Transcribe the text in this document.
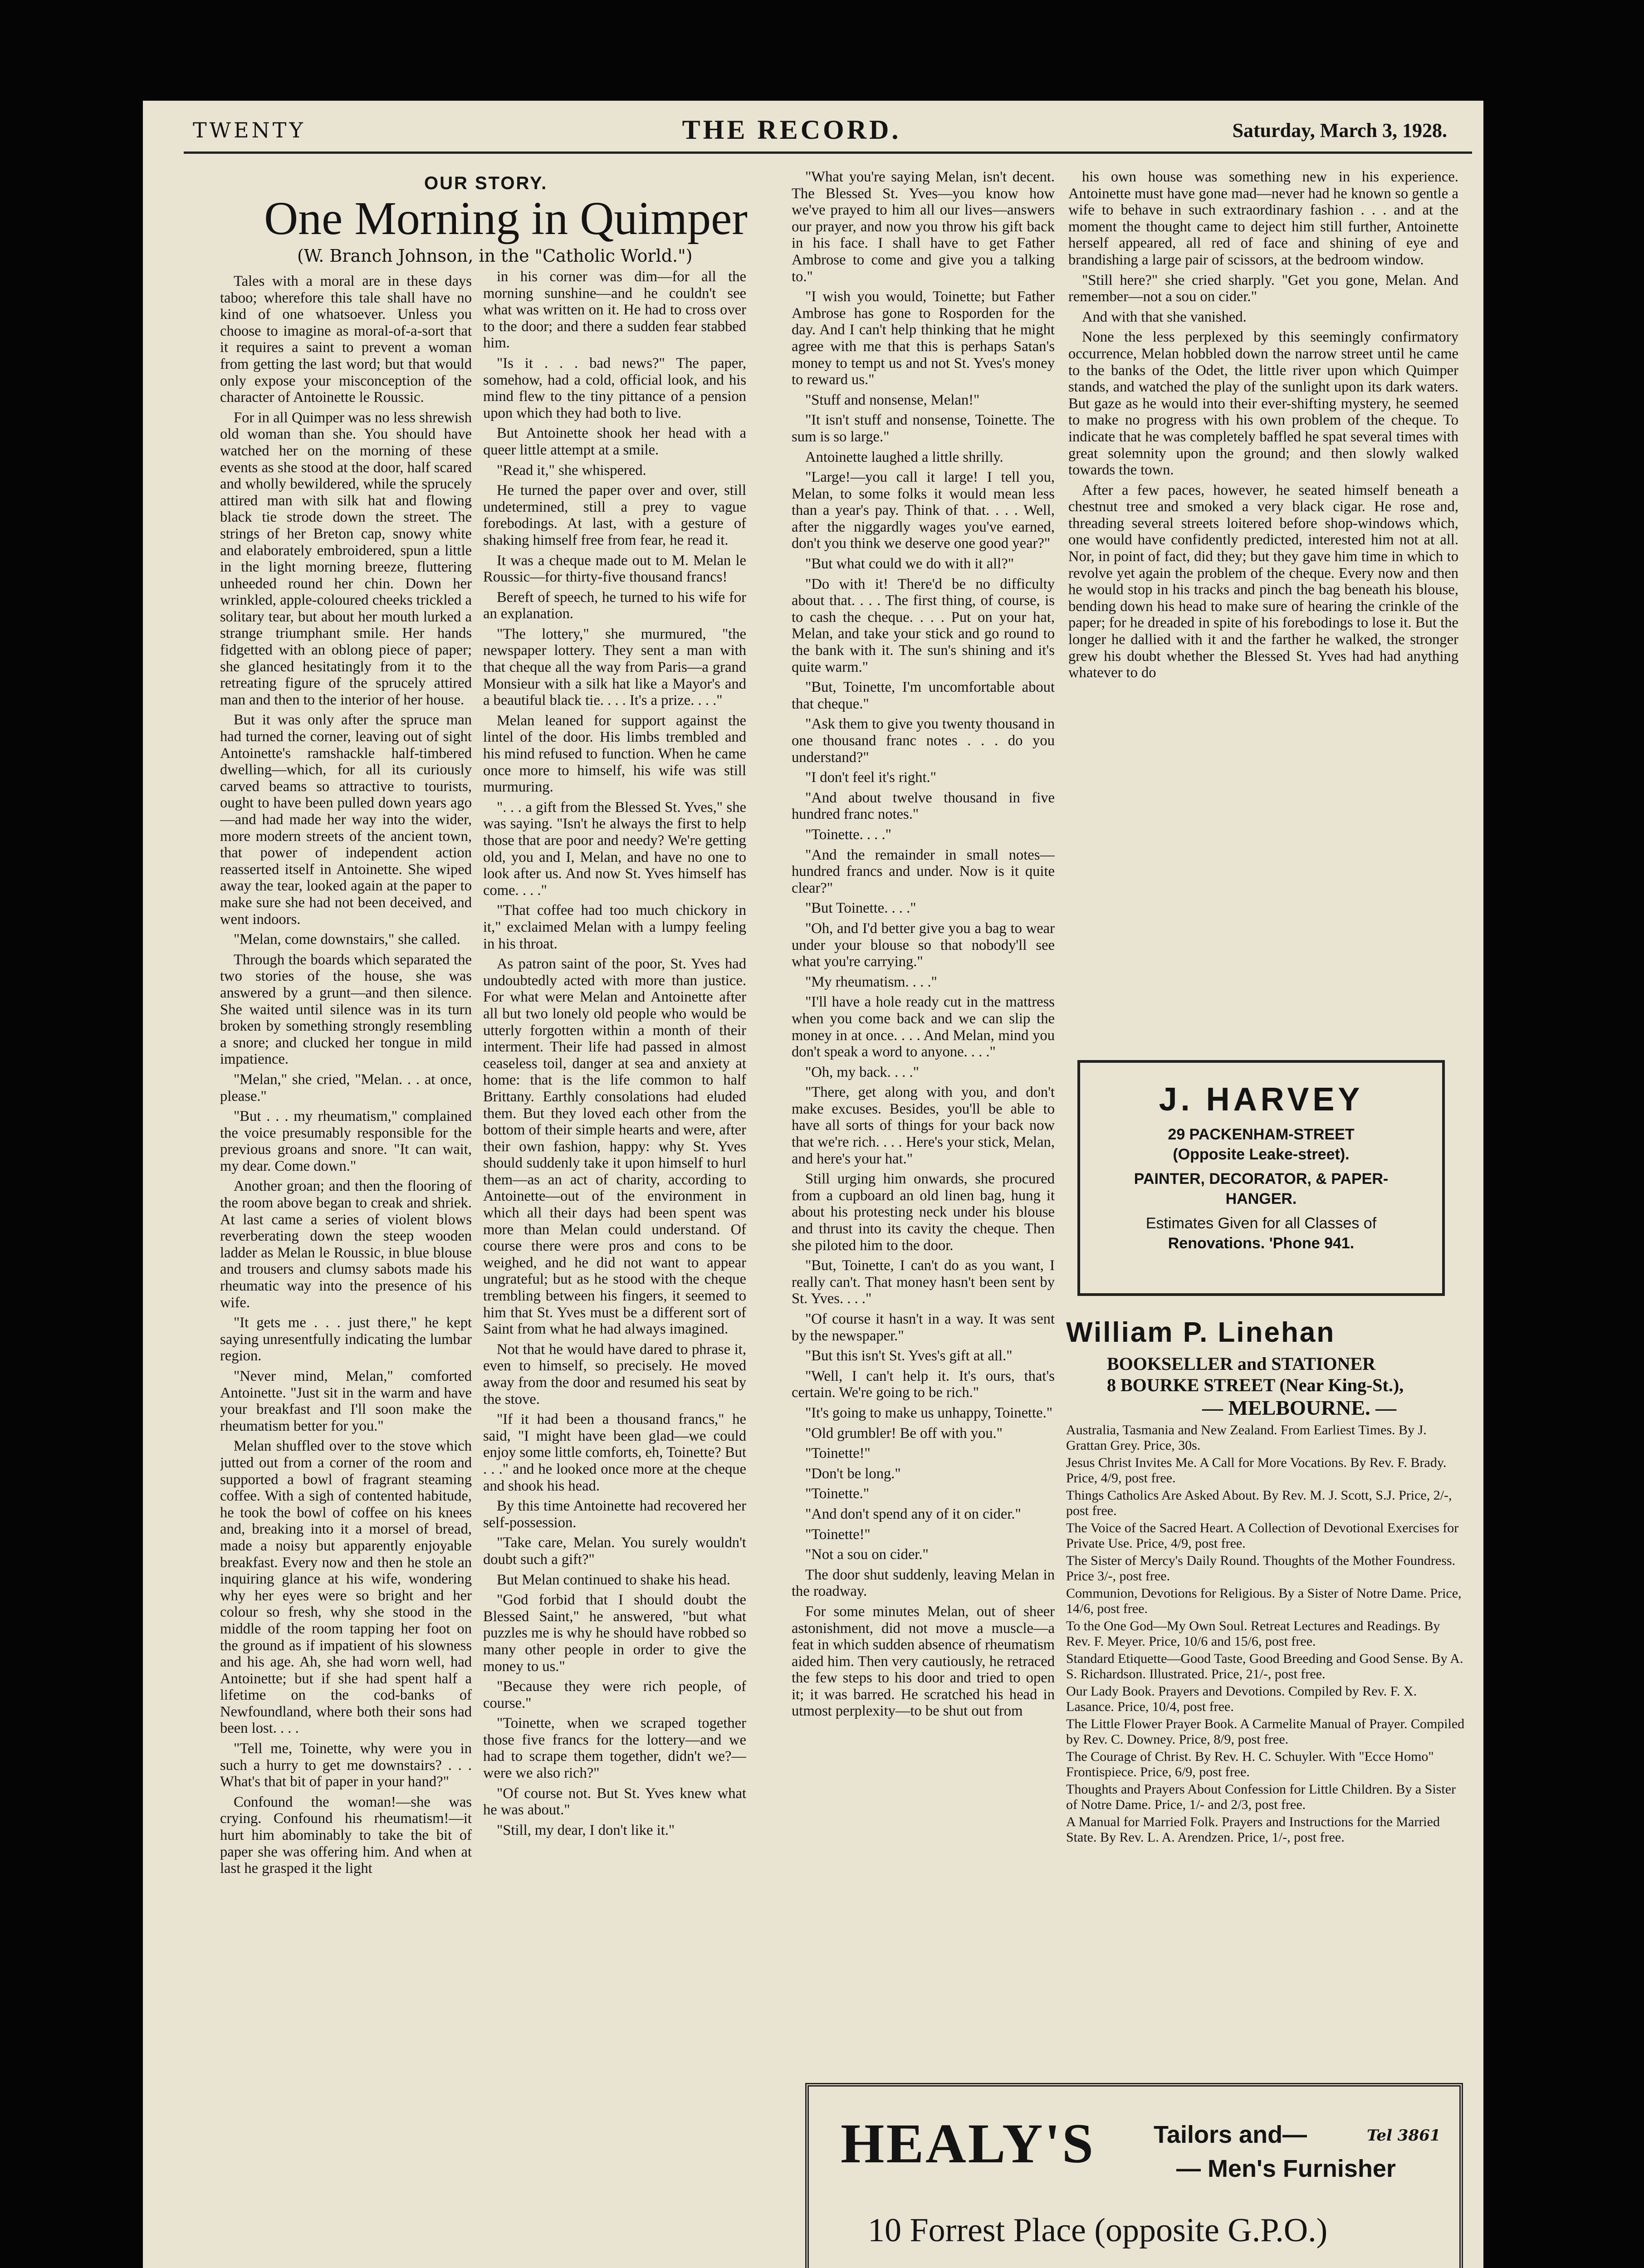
TWENTY	THE RECORD.	Saturday, March 3, 1928.
OUR STORY.
One Morning in Quimper
(W. Branch Johnson, in the "Catholic World.")

Tales with a moral are in these days taboo; wherefore this tale shall have no kind of one whatsoever. Unless you choose to imagine as moral-of-a-sort that it requires a saint to prevent a woman from getting the last word; but that would only expose your misconception of the character of Antoinette le Roussic.

For in all Quimper was no less shrewish old woman than she. You should have watched her on the morning of these events as she stood at the door, half scared and wholly bewildered, while the sprucely attired man with silk hat and flowing black tie strode down the street. The strings of her Breton cap, snowy white and elaborately embroidered, spun a little in the light morning breeze, fluttering unheeded round her chin. Down her wrinkled, apple-coloured cheeks trickled a solitary tear, but about her mouth lurked a strange triumphant smile. Her hands fidgetted with an oblong piece of paper; she glanced hesitatingly from it to the retreating figure of the sprucely attired man and then to the interior of her house.

But it was only after the spruce man had turned the corner, leaving out of sight Antoinette's ramshackle half-timbered dwelling—which, for all its curiously carved beams so attractive to tourists, ought to have been pulled down years ago—and had made her way into the wider, more modern streets of the ancient town, that power of independent action reasserted itself in Antoinette. She wiped away the tear, looked again at the paper to make sure she had not been deceived, and went indoors.

"Melan, come downstairs," she called.

Through the boards which separated the two stories of the house, she was answered by a grunt—and then silence. She waited until silence was in its turn broken by something strongly resembling a snore; and clucked her tongue in mild impatience.

"Melan," she cried, "Melan. . . at once, please."

"But . . . my rheumatism," complained the voice presumably responsible for the previous groans and snore. "It can wait, my dear. Come down."

Another groan; and then the flooring of the room above began to creak and shriek. At last came a series of violent blows reverberating down the steep wooden ladder as Melan le Roussic, in blue blouse and trousers and clumsy sabots made his rheumatic way into the presence of his wife.

"It gets me . . . just there," he kept saying unresentfully indicating the lumbar region.

"Never mind, Melan," comforted Antoinette. "Just sit in the warm and have your breakfast and I'll soon make the rheumatism better for you."

Melan shuffled over to the stove which jutted out from a corner of the room and supported a bowl of fragrant steaming coffee. With a sigh of contented habitude, he took the bowl of coffee on his knees and, breaking into it a morsel of bread, made a noisy but apparently enjoyable breakfast. Every now and then he stole an inquiring glance at his wife, wondering why her eyes were so bright and her colour so fresh, why she stood in the middle of the room tapping her foot on the ground as if impatient of his slowness and his age. Ah, she had worn well, had Antoinette; but if she had spent half a lifetime on the cod-banks of Newfoundland, where both their sons had been lost. . . .

"Tell me, Toinette, why were you in such a hurry to get me downstairs? . . . What's that bit of paper in your hand?"

Confound the woman!—she was crying. Confound his rheumatism!—it hurt him abominably to take the bit of paper she was offering him. And when at last he grasped it the light

in his corner was dim—for all the morning sunshine—and he couldn't see what was written on it. He had to cross over to the door; and there a sudden fear stabbed him.

"Is it . . . bad news?" The paper, somehow, had a cold, official look, and his mind flew to the tiny pittance of a pension upon which they had both to live.

But Antoinette shook her head with a queer little attempt at a smile.

"Read it," she whispered.

He turned the paper over and over, still undetermined, still a prey to vague forebodings. At last, with a gesture of shaking himself free from fear, he read it.

It was a cheque made out to M. Melan le Roussic—for thirty-five thousand francs!

Bereft of speech, he turned to his wife for an explanation.

"The lottery," she murmured, "the newspaper lottery. They sent a man with that cheque all the way from Paris—a grand Monsieur with a silk hat like a Mayor's and a beautiful black tie. . . . It's a prize. . . ."

Melan leaned for support against the lintel of the door. His limbs trembled and his mind refused to function. When he came once more to himself, his wife was still murmuring.

". . . a gift from the Blessed St. Yves," she was saying. "Isn't he always the first to help those that are poor and needy? We're getting old, you and I, Melan, and have no one to look after us. And now St. Yves himself has come. . . ."

"That coffee had too much chickory in it," exclaimed Melan with a lumpy feeling in his throat.

As patron saint of the poor, St. Yves had undoubtedly acted with more than justice. For what were Melan and Antoinette after all but two lonely old people who would be utterly forgotten within a month of their interment. Their life had passed in almost ceaseless toil, danger at sea and anxiety at home: that is the life common to half Brittany. Earthly consolations had eluded them. But they loved each other from the bottom of their simple hearts and were, after their own fashion, happy: why St. Yves should suddenly take it upon himself to hurl them—as an act of charity, according to Antoinette—out of the environment in which all their days had been spent was more than Melan could understand. Of course there were pros and cons to be weighed, and he did not want to appear ungrateful; but as he stood with the cheque trembling between his fingers, it seemed to him that St. Yves must be a different sort of Saint from what he had always imagined.

Not that he would have dared to phrase it, even to himself, so precisely. He moved away from the door and resumed his seat by the stove.

"If it had been a thousand francs," he said, "I might have been glad—we could enjoy some little comforts, eh, Toinette? But . . ." and he looked once more at the cheque and shook his head.

By this time Antoinette had recovered her self-possession.

"Take care, Melan. You surely wouldn't doubt such a gift?"

But Melan continued to shake his head.

"God forbid that I should doubt the Blessed Saint," he answered, "but what puzzles me is why he should have robbed so many other people in order to give the money to us."

"Because they were rich people, of course."

"Toinette, when we scraped together those five francs for the lottery—and we had to scrape them together, didn't we?—were we also rich?"

"Of course not. But St. Yves knew what he was about."

"Still, my dear, I don't like it."

"What you're saying Melan, isn't decent. The Blessed St. Yves—you know how we've prayed to him all our lives—answers our prayer, and now you throw his gift back in his face. I shall have to get Father Ambrose to come and give you a talking to."

"I wish you would, Toinette; but Father Ambrose has gone to Rosporden for the day. And I can't help thinking that he might agree with me that this is perhaps Satan's money to tempt us and not St. Yves's money to reward us."

"Stuff and nonsense, Melan!"

"It isn't stuff and nonsense, Toinette. The sum is so large."

Antoinette laughed a little shrilly.

"Large!—you call it large! I tell you, Melan, to some folks it would mean less than a year's pay. Think of that. . . . Well, after the niggardly wages you've earned, don't you think we deserve one good year?"

"But what could we do with it all?"

"Do with it! There'd be no difficulty about that. . . . The first thing, of course, is to cash the cheque. . . . Put on your hat, Melan, and take your stick and go round to the bank with it. The sun's shining and it's quite warm."

"But, Toinette, I'm uncomfortable about that cheque."

"Ask them to give you twenty thousand in one thousand franc notes . . . do you understand?"

"I don't feel it's right."

"And about twelve thousand in five hundred franc notes."

"Toinette. . . ."

"And the remainder in small notes—hundred francs and under. Now is it quite clear?"

"But Toinette. . . ."

"Oh, and I'd better give you a bag to wear under your blouse so that nobody'll see what you're carrying."

"My rheumatism. . . ."

"I'll have a hole ready cut in the mattress when you come back and we can slip the money in at once. . . . And Melan, mind you don't speak a word to anyone. . . ."

"Oh, my back. . . ."

"There, get along with you, and don't make excuses. Besides, you'll be able to have all sorts of things for your back now that we're rich. . . . Here's your stick, Melan, and here's your hat."

Still urging him onwards, she procured from a cupboard an old linen bag, hung it about his protesting neck under his blouse and thrust into its cavity the cheque. Then she piloted him to the door.

"But, Toinette, I can't do as you want, I really can't. That money hasn't been sent by St. Yves. . . ."

"Of course it hasn't in a way. It was sent by the newspaper."

"But this isn't St. Yves's gift at all."

"Well, I can't help it. It's ours, that's certain. We're going to be rich."

"It's going to make us unhappy, Toinette."

"Old grumbler! Be off with you."

"Toinette!"

"Don't be long."

"Toinette."

"And don't spend any of it on cider."

"Toinette!"

"Not a sou on cider."

The door shut suddenly, leaving Melan in the roadway.

For some minutes Melan, out of sheer astonishment, did not move a muscle—a feat in which sudden absence of rheumatism aided him. Then very cautiously, he retraced the few steps to his door and tried to open it; it was barred. He scratched his head in utmost perplexity—to be shut out from

his own house was something new in his experience. Antoinette must have gone mad—never had he known so gentle a wife to behave in such extraordinary fashion . . . and at the moment the thought came to deject him still further, Antoinette herself appeared, all red of face and shining of eye and brandishing a large pair of scissors, at the bedroom window.

"Still here?" she cried sharply. "Get you gone, Melan. And remember—not a sou on cider."

And with that she vanished.

None the less perplexed by this seemingly confirmatory occurrence, Melan hobbled down the narrow street until he came to the banks of the Odet, the little river upon which Quimper stands, and watched the play of the sunlight upon its dark waters. But gaze as he would into their ever-shifting mystery, he seemed to make no progress with his own problem of the cheque. To indicate that he was completely baffled he spat several times with great solemnity upon the ground; and then slowly walked towards the town.

After a few paces, however, he seated himself beneath a chestnut tree and smoked a very black cigar. He rose and, threading several streets loitered before shop-windows which, one would have confidently predicted, interested him not at all. Nor, in point of fact, did they; but they gave him time in which to revolve yet again the problem of the cheque. Every now and then he would stop in his tracks and pinch the bag beneath his blouse, bending down his head to make sure of hearing the crinkle of the paper; for he dreaded in spite of his forebodings to lose it. But the longer he dallied with it and the farther he walked, the stronger grew his doubt whether the Blessed St. Yves had had anything whatever to do

J. HARVEY
29 PACKENHAM-STREET
(Opposite Leake-street).
PAINTER, DECORATOR, & PAPER-
HANGER.
Estimates Given for all Classes of
Renovations. 'Phone 941.
William P. Linehan
BOOKSELLER and STATIONER
8 BOURKE STREET (Near King-St.),
— MELBOURNE. —
Australia, Tasmania and New Zealand. From Earliest Times. By J. Grattan Grey. Price, 30s.
Jesus Christ Invites Me. A Call for More Vocations. By Rev. F. Brady. Price, 4/9, post free.
Things Catholics Are Asked About. By Rev. M. J. Scott, S.J. Price, 2/-, post free.
The Voice of the Sacred Heart. A Collection of Devotional Exercises for Private Use. Price, 4/9, post free.
The Sister of Mercy's Daily Round. Thoughts of the Mother Foundress. Price 3/-, post free.
Communion, Devotions for Religious. By a Sister of Notre Dame. Price, 14/6, post free.
To the One God—My Own Soul. Retreat Lectures and Readings. By Rev. F. Meyer. Price, 10/6 and 15/6, post free.
Standard Etiquette—Good Taste, Good Breeding and Good Sense. By A. S. Richardson. Illustrated. Price, 21/-, post free.
Our Lady Book. Prayers and Devotions. Compiled by Rev. F. X. Lasance. Price, 10/4, post free.
The Little Flower Prayer Book. A Carmelite Manual of Prayer. Compiled by Rev. C. Downey. Price, 8/9, post free.
The Courage of Christ. By Rev. H. C. Schuyler. With "Ecce Homo" Frontispiece. Price, 6/9, post free.
Thoughts and Prayers About Confession for Little Children. By a Sister of Notre Dame. Price, 1/- and 2/3, post free.
A Manual for Married Folk. Prayers and Instructions for the Married State. By Rev. L. A. Arendzen. Price, 1/-, post free.
HEALY'S Tailors and—	Tel 3861
— Men's Furnisher
10 Forrest Place (opposite G.P.O.)
